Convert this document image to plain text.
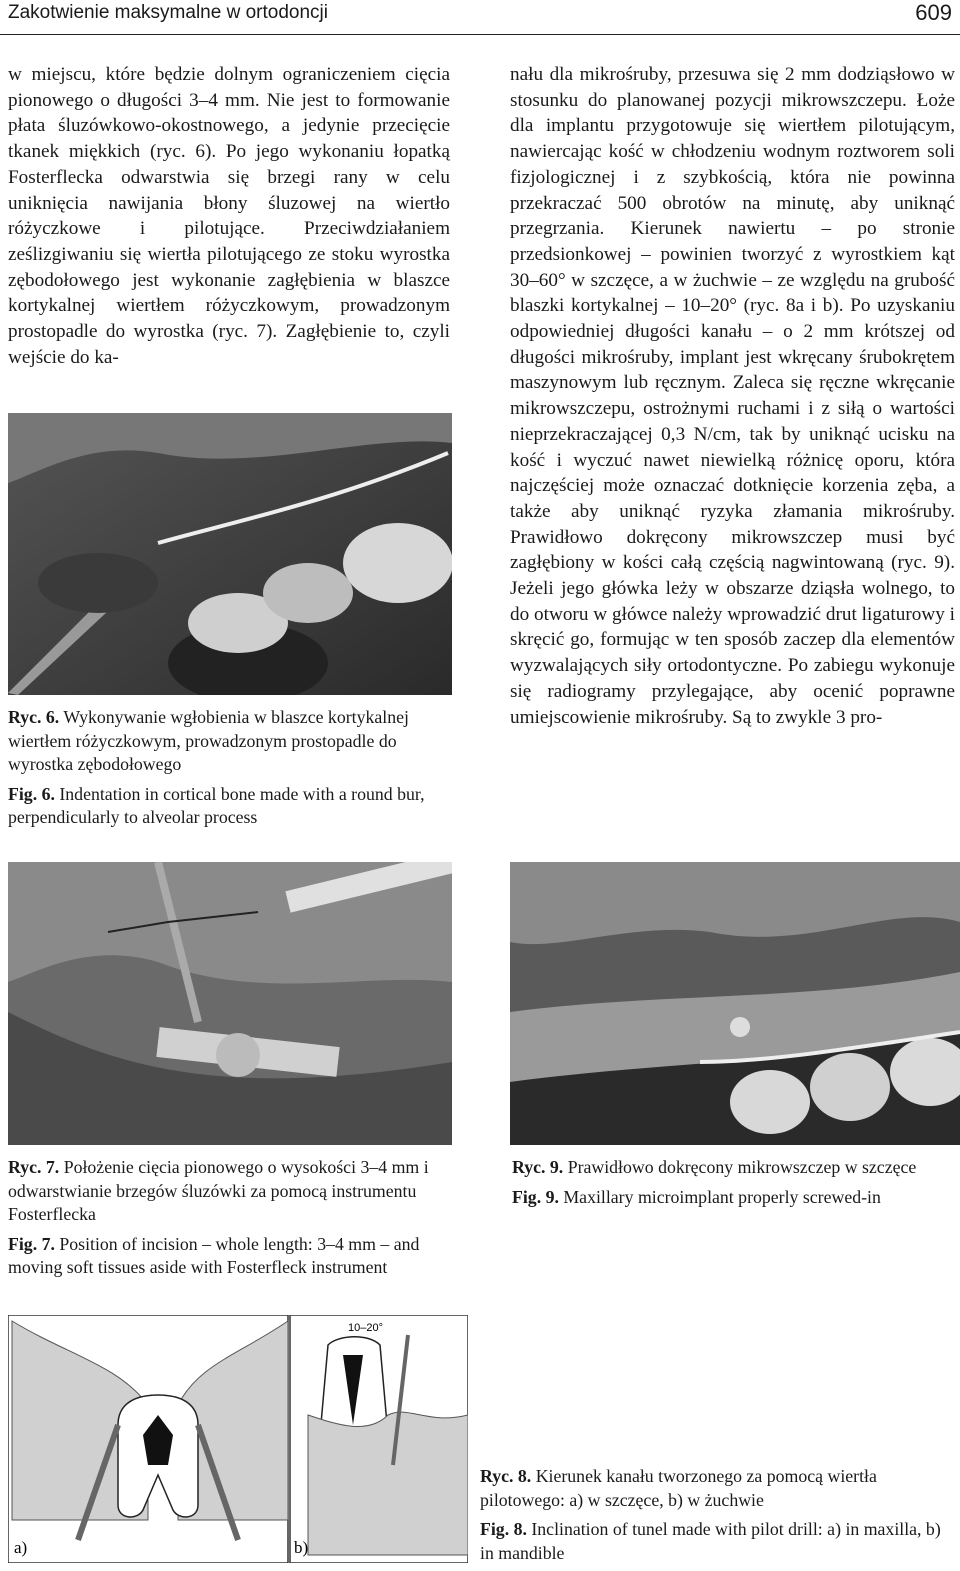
Zakotwienie maksymalne w ortodoncji	609

w miejscu, które będzie dolnym ograniczeniem cięcia pionowego o długości 3–4 mm. Nie jest to formowanie płata śluzówkowo-okostnowego, a jedynie przecięcie tkanek miękkich (ryc. 6). Po jego wykonaniu łopatką Fosterflecka odwarstwia się brzegi rany w celu uniknięcia nawijania błony śluzowej na wiertło różyczkowe i pilotujące. Przeciwdziałaniem ześlizgiwaniu się wiertła pilotującego ze stoku wyrostka zębodołowego jest wykonanie zagłębienia w blaszce kortykalnej wiertłem różyczkowym, prowadzonym prostopadle do wyrostka (ryc. 7). Zagłębienie to, czyli wejście do ka-

Ryc. 6. Wykonywanie wgłobienia w blaszce kortykalnej wiertłem różyczkowym, prowadzonym prostopadle do wyrostka zębodołowego

Fig. 6. Indentation in cortical bone made with a round bur, perpendicularly to alveolar process

nału dla mikrośruby, przesuwa się 2 mm dodziąsłowo w stosunku do planowanej pozycji mikrowszczepu. Łoże dla implantu przygotowuje się wiertłem pilotującym, nawiercając kość w chłodzeniu wodnym roztworem soli fizjologicznej i z szybkością, która nie powinna przekraczać 500 obrotów na minutę, aby uniknąć przegrzania. Kierunek nawiertu – po stronie przedsionkowej – powinien tworzyć z wyrostkiem kąt 30–60° w szczęce, a w żuchwie – ze względu na grubość blaszki kortykalnej – 10–20° (ryc. 8a i b). Po uzyskaniu odpowiedniej długości kanału – o 2 mm krótszej od długości mikrośruby, implant jest wkręcany śrubokrętem maszynowym lub ręcznym. Zaleca się ręczne wkręcanie mikrowszczepu, ostrożnymi ruchami i z siłą o wartości nieprzekraczającej 0,3 N/cm, tak by uniknąć ucisku na kość i wyczuć nawet niewielką różnicę oporu, która najczęściej może oznaczać dotknięcie korzenia zęba, a także aby uniknąć ryzyka złamania mikrośruby. Prawidłowo dokręcony mikrowszczep musi być zagłębiony w kości całą częścią nagwintowaną (ryc. 9). Jeżeli jego główka leży w obszarze dziąsła wolnego, to do otworu w główce należy wprowadzić drut ligaturowy i skręcić go, formując w ten sposób zaczep dla elementów wyzwalających siły ortodontyczne. Po zabiegu wykonuje się radiogramy przylegające, aby ocenić poprawne umiejscowienie mikrośruby. Są to zwykle 3 pro-

Ryc. 7. Położenie cięcia pionowego o wysokości 3–4 mm i odwarstwianie brzegów śluzówki za pomocą instrumentu Fosterflecka

Fig. 7. Position of incision – whole length: 3–4 mm – and moving soft tissues aside with Fosterfleck instrument

Ryc. 9. Prawidłowo dokręcony mikrowszczep w szczęce

Fig. 9. Maxillary microimplant properly screwed-in

a)
10–20°
b)

Ryc. 8. Kierunek kanału tworzonego za pomocą wiertła pilotowego: a) w szczęce, b) w żuchwie

Fig. 8. Inclination of tunel made with pilot drill: a) in maxilla, b) in mandible
